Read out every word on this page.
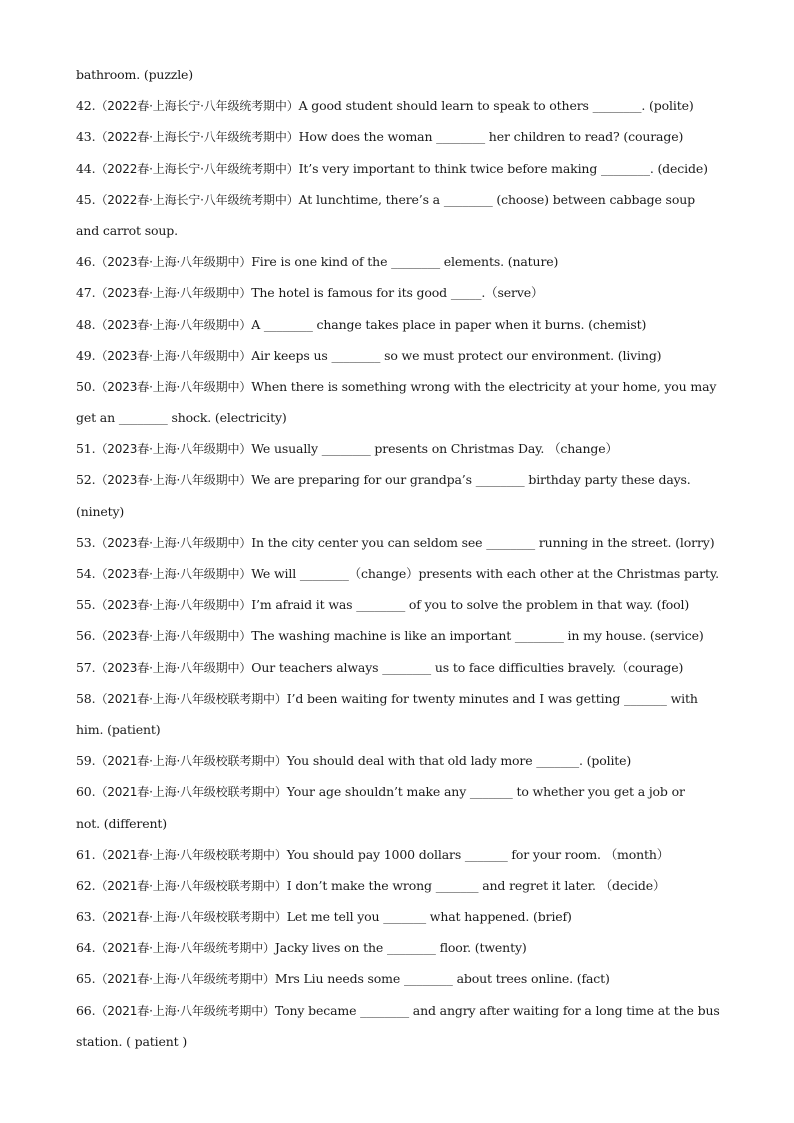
bathroom. (puzzle)
42.（2022春·上海长宁·八年级统考期中）A good student should learn to speak to others ________. (polite)
43.（2022春·上海长宁·八年级统考期中）How does the woman ________ her children to read? (courage)
44.（2022春·上海长宁·八年级统考期中）It’s very important to think twice before making ________. (decide)
45.（2022春·上海长宁·八年级统考期中）At lunchtime, there’s a ________ (choose) between cabbage soup
and carrot soup.
46.（2023春·上海·八年级期中）Fire is one kind of the ________ elements. (nature)
47.（2023春·上海·八年级期中）The hotel is famous for its good _____.（serve）
48.（2023春·上海·八年级期中）A ________ change takes place in paper when it burns. (chemist)
49.（2023春·上海·八年级期中）Air keeps us ________ so we must protect our environment. (living)
50.（2023春·上海·八年级期中）When there is something wrong with the electricity at your home, you may
get an ________ shock. (electricity)
51.（2023春·上海·八年级期中）We usually ________ presents on Christmas Day. （change）
52.（2023春·上海·八年级期中）We are preparing for our grandpa’s ________ birthday party these days.
(ninety)
53.（2023春·上海·八年级期中）In the city center you can seldom see ________ running in the street. (lorry)
54.（2023春·上海·八年级期中）We will ________（change）presents with each other at the Christmas party.
55.（2023春·上海·八年级期中）I’m afraid it was ________ of you to solve the problem in that way. (fool)
56.（2023春·上海·八年级期中）The washing machine is like an important ________ in my house. (service)
57.（2023春·上海·八年级期中）Our teachers always ________ us to face difficulties bravely.（courage)
58.（2021春·上海·八年级校联考期中）I’d been waiting for twenty minutes and I was getting _______ with
him. (patient)
59.（2021春·上海·八年级校联考期中）You should deal with that old lady more _______. (polite)
60.（2021春·上海·八年级校联考期中）Your age shouldn’t make any _______ to whether you get a job or
not. (different)
61.（2021春·上海·八年级校联考期中）You should pay 1000 dollars _______ for your room. （month）
62.（2021春·上海·八年级校联考期中）I don’t make the wrong _______ and regret it later. （decide）
63.（2021春·上海·八年级校联考期中）Let me tell you _______ what happened. (brief)
64.（2021春·上海·八年级统考期中）Jacky lives on the ________ floor. (twenty)
65.（2021春·上海·八年级统考期中）Mrs Liu needs some ________ about trees online. (fact)
66.（2021春·上海·八年级统考期中）Tony became ________ and angry after waiting for a long time at the bus
station. ( patient )
